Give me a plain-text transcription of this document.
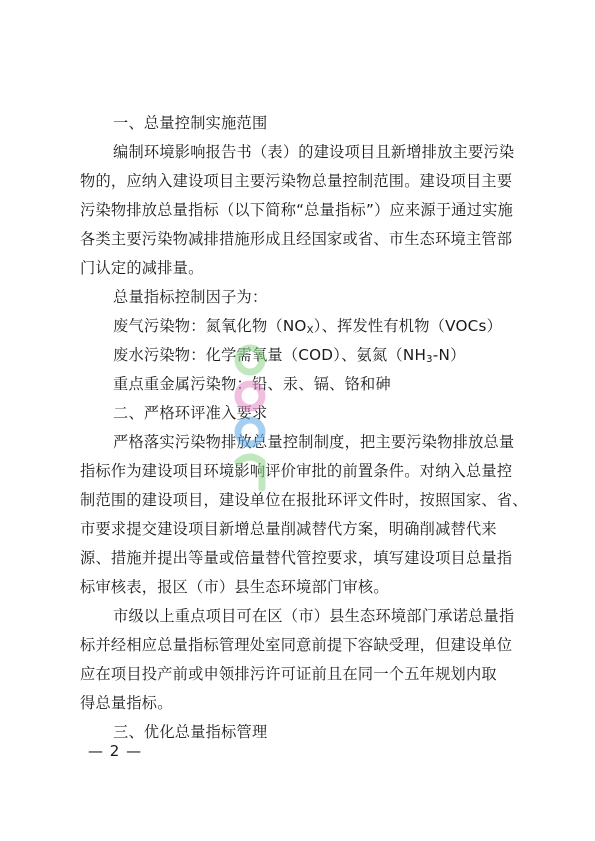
一、总量控制实施范围
编制环境影响报告书（表）的建设项目且新增排放主要污染
物的，应纳入建设项目主要污染物总量控制范围。建设项目主要
污染物排放总量指标（以下简称“总量指标”）应来源于通过实施
各类主要污染物减排措施形成且经国家或省、市生态环境主管部
门认定的减排量。
总量指标控制因子为：
废气污染物：氮氧化物$(NO_X)$、挥发性有机物（VOCs）
废水污染物：化学需氧量（COD）、氨氮$(NH_3-N)$
重点重金属污染物：铅、汞、镉、铬和砷
二、严格环评准入要求
严格落实污染物排放总量控制制度，把主要污染物排放总量
指标作为建设项目环境影响评价审批的前置条件。对纳入总量控
制范围的建设项目，建设单位在报批环评文件时，按照国家、省、
市要求提交建设项目新增总量削减替代方案，明确削减替代来
源、措施并提出等量或倍量替代管控要求，填写建设项目总量指
标审核表，报区（市）县生态环境部门审核。
市级以上重点项目可在区（市）县生态环境部门承诺总量指
标并经相应总量指标管理处室同意前提下容缺受理，但建设单位
应在项目投产前或申领排污许可证前且在同一个五年规划内取
得总量指标。
三、优化总量指标管理
— 2 —
